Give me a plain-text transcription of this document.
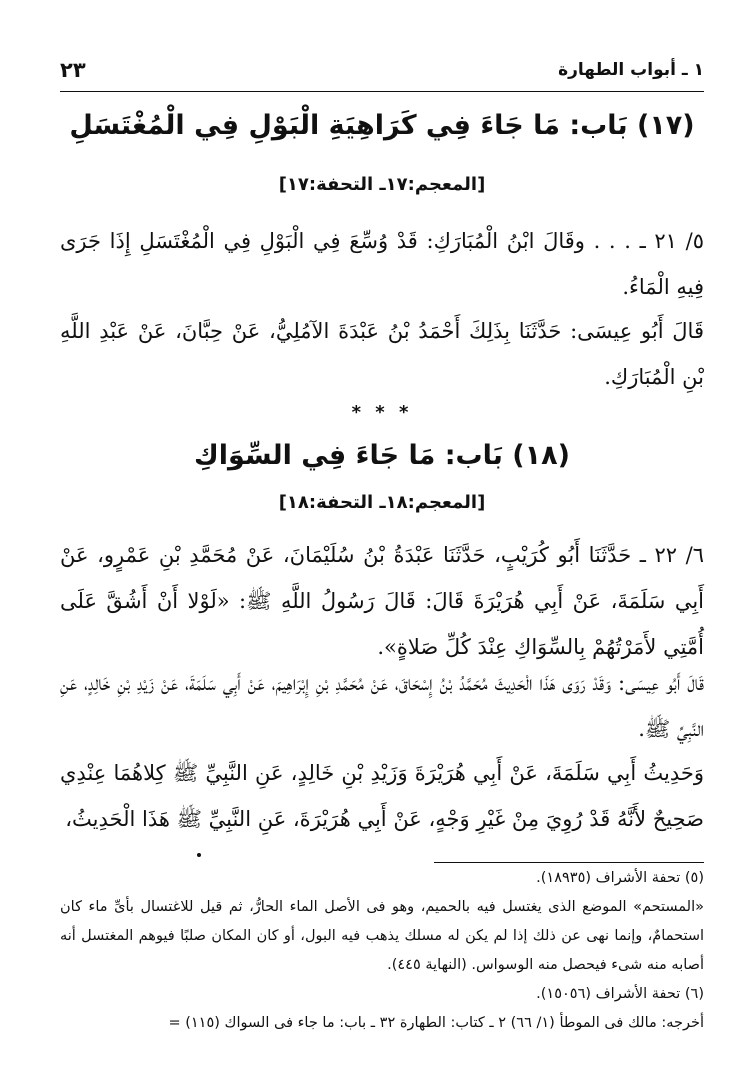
١ ـ أبواب الطهارة
٢٣
(١٧) بَاب: مَا جَاءَ فِي كَرَاهِيَةِ الْبَوْلِ فِي الْمُغْتَسَلِ
[المعجم:١٧ـ التحفة:١٧]
٥/ ٢١ ـ . . . وقَالَ ابْنُ الْمُبَارَكِ: قَدْ وُسِّعَ فِي الْبَوْلِ فِي الْمُغْتَسَلِ إِذَا جَرَى فِيهِ الْمَاءُ.
قَالَ أَبُو عِيسَى: حَدَّثَنَا بِذَلِكَ أَحْمَدُ بْنُ عَبْدَةَ الآمُلِيُّ، عَنْ حِبَّانَ، عَنْ عَبْدِ اللَّهِ بْنِ الْمُبَارَكِ.
* * *
(١٨) بَاب: مَا جَاءَ فِي السِّوَاكِ
[المعجم:١٨ـ التحفة:١٨]
٦/ ٢٢ ـ حَدَّثَنَا أَبُو كُرَيْبٍ، حَدَّثَنَا عَبْدَةُ بْنُ سُلَيْمَانَ، عَنْ مُحَمَّدِ بْنِ عَمْرٍو، عَنْ أَبِي سَلَمَةَ، عَنْ أَبِي هُرَيْرَةَ قَالَ: قَالَ رَسُولُ اللَّهِ ﷺ: «لَوْلا أَنْ أَشُقَّ عَلَى أُمَّتِي لأَمَرْتُهُمْ بِالسِّوَاكِ عِنْدَ كُلِّ صَلاةٍ».
قَالَ أَبُو عِيسَى: وَقَدْ رَوَى هَذَا الْحَدِيثَ مُحَمَّدُ بْنُ إِسْحَاقَ، عَنْ مُحَمَّدِ بْنِ إِبْرَاهِيمَ، عَنْ أَبِي سَلَمَةَ، عَنْ زَيْدِ بْنِ خَالِدٍ، عَنِ النَّبِيِّ ﷺ.
وَحَدِيثُ أَبِي سَلَمَةَ، عَنْ أَبِي هُرَيْرَةَ وَزَيْدِ بْنِ خَالِدٍ، عَنِ النَّبِيِّ ﷺ كِلاهُمَا عِنْدِي صَحِيحٌ لأَنَّهُ قَدْ رُوِيَ مِنْ غَيْرِ وَجْهٍ، عَنْ أَبِي هُرَيْرَةَ، عَنِ النَّبِيِّ ﷺ هَذَا الْحَدِيثُ،
(٥) تحفة الأشراف (١٨٩٣٥).
«المستحم» الموضع الذى يغتسل فيه بالحميم، وهو فى الأصل الماء الحارُّ، ثم قيل للاغتسال بأىِّ ماء كان استحمامٌ، وإنما نهى عن ذلك إذا لم يكن له مسلك يذهب فيه البول، أو كان المكان صلبًا فيوهم المغتسل أنه أصابه منه شىء فيحصل منه الوسواس. (النهاية ٤٤٥).
(٦) تحفة الأشراف (١٥٠٥٦).
أخرجه: مالك فى الموطأ (١/ ٦٦) ٢ ـ كتاب: الطهارة ٣٢ ـ باب: ما جاء فى السواك (١١٥) =
